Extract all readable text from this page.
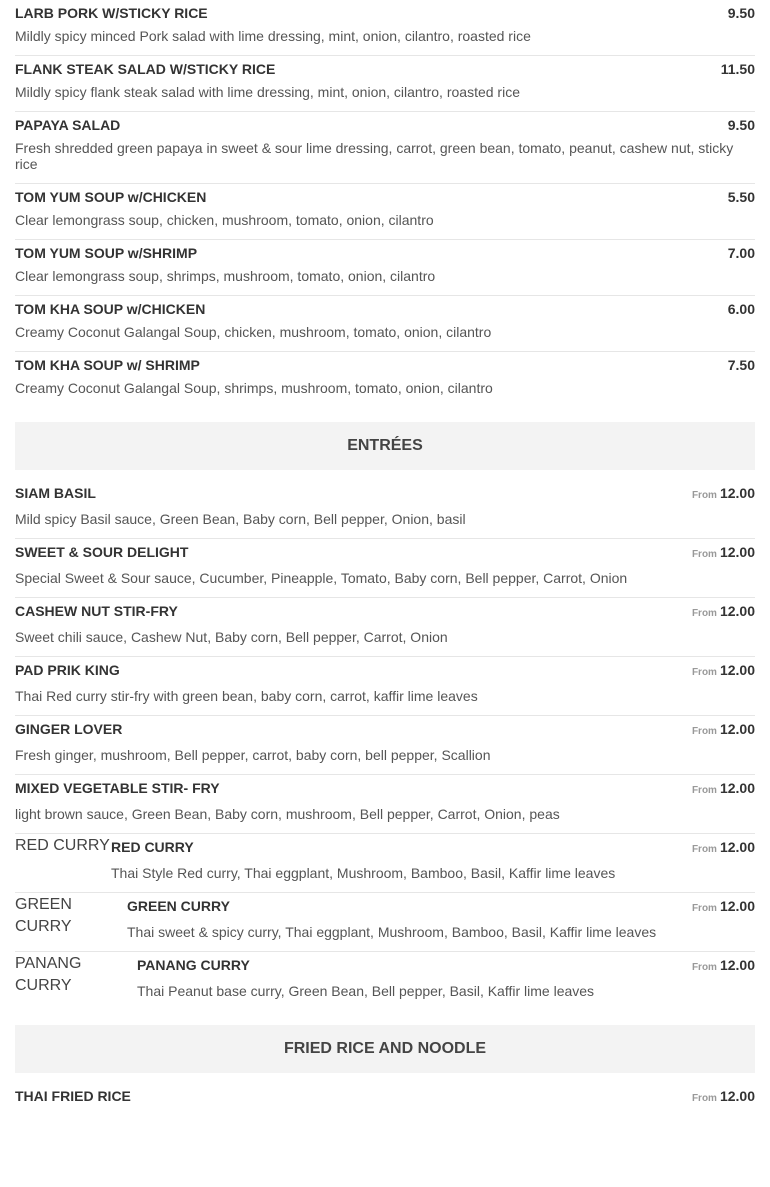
LARB PORK W/STICKY RICE	9.50
Mildly spicy minced Pork salad with lime dressing, mint, onion, cilantro, roasted rice
FLANK STEAK SALAD W/STICKY RICE	11.50
Mildly spicy flank steak salad with lime dressing, mint, onion, cilantro, roasted rice
PAPAYA SALAD	9.50
Fresh shredded green papaya in sweet & sour lime dressing, carrot, green bean, tomato, peanut, cashew nut, sticky rice
TOM YUM SOUP w/CHICKEN	5.50
Clear lemongrass soup, chicken, mushroom, tomato, onion, cilantro
TOM YUM SOUP w/SHRIMP	7.00
Clear lemongrass soup, shrimps, mushroom, tomato, onion, cilantro
TOM KHA SOUP w/CHICKEN	6.00
Creamy Coconut Galangal Soup, chicken, mushroom, tomato, onion, cilantro
TOM KHA SOUP w/ SHRIMP	7.50
Creamy Coconut Galangal Soup, shrimps, mushroom, tomato, onion, cilantro
ENTRÉES
SIAM BASIL	From 12.00
Mild spicy Basil sauce, Green Bean, Baby corn, Bell pepper, Onion, basil
SWEET & SOUR DELIGHT	From 12.00
Special Sweet & Sour sauce, Cucumber, Pineapple, Tomato, Baby corn, Bell pepper, Carrot, Onion
CASHEW NUT STIR-FRY	From 12.00
Sweet chili sauce, Cashew Nut, Baby corn, Bell pepper, Carrot, Onion
PAD PRIK KING	From 12.00
Thai Red curry stir-fry with green bean, baby corn, carrot, kaffir lime leaves
GINGER LOVER	From 12.00
Fresh ginger, mushroom, Bell pepper, carrot, baby corn, bell pepper, Scallion
MIXED VEGETABLE STIR- FRY	From 12.00
light brown sauce, Green Bean, Baby corn, mushroom, Bell pepper, Carrot, Onion, peas
RED CURRY RED CURRY	From 12.00
Thai Style Red curry, Thai eggplant, Mushroom, Bamboo, Basil, Kaffir lime leaves
GREEN CURRY
GREEN CURRY	From 12.00
Thai sweet & spicy curry, Thai eggplant, Mushroom, Bamboo, Basil, Kaffir lime leaves
PANANG CURRY
PANANG CURRY	From 12.00
Thai Peanut base curry, Green Bean, Bell pepper, Basil, Kaffir lime leaves
FRIED RICE AND NOODLE
THAI FRIED RICE	From 12.00
